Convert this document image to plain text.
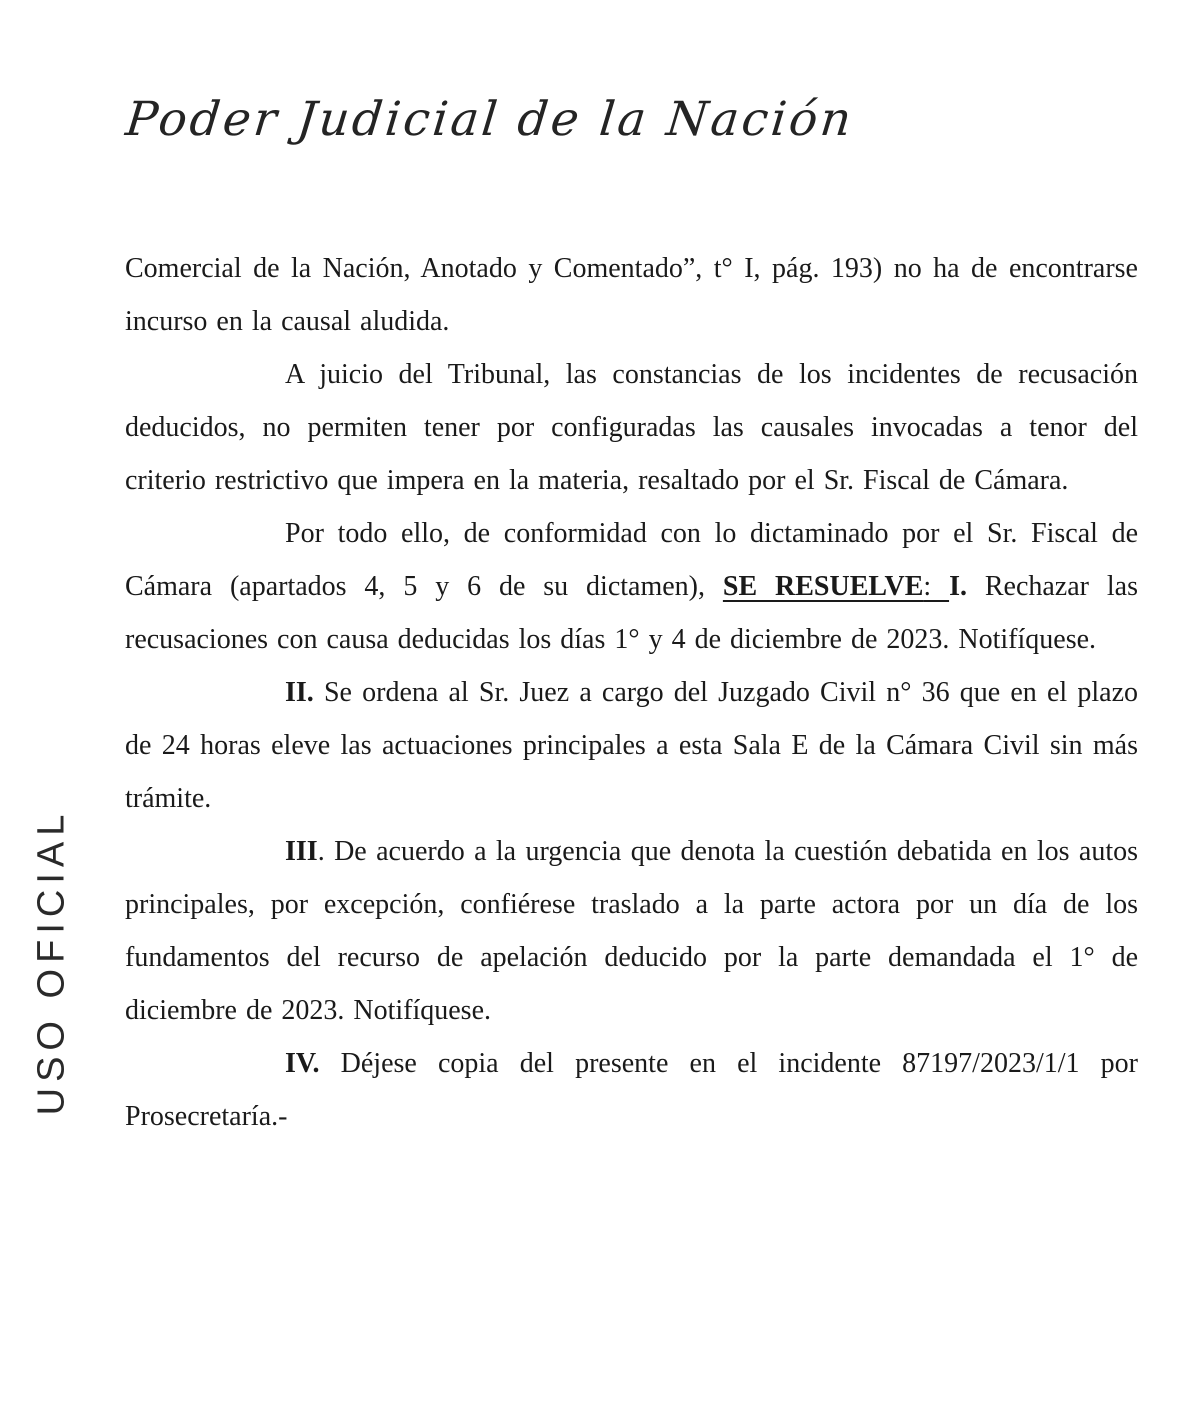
Poder Judicial de la Nación
USO OFICIAL

Comercial de la Nación, Anotado y Comentado”, t° I, pág. 193) no ha de encontrarse incurso en la causal aludida.

A juicio del Tribunal, las constancias de los incidentes de recusación deducidos, no permiten tener por configuradas las causales invocadas a tenor del criterio restrictivo que impera en la materia, resaltado por el Sr. Fiscal de Cámara.

Por todo ello, de conformidad con lo dictaminado por el Sr. Fiscal de Cámara (apartados 4, 5 y 6 de su dictamen), SE RESUELVE: I. Rechazar las recusaciones con causa deducidas los días 1° y 4 de diciembre de 2023. Notifíquese.

II. Se ordena al Sr. Juez a cargo del Juzgado Civil n° 36 que en el plazo de 24 horas eleve las actuaciones principales a esta Sala E de la Cámara Civil sin más trámite.

III. De acuerdo a la urgencia que denota la cuestión debatida en los autos principales, por excepción, confiérese traslado a la parte actora por un día de los fundamentos del recurso de apelación deducido por la parte demandada el 1° de diciembre de 2023. Notifíquese.

IV. Déjese copia del presente en el incidente 87197/2023/1/1 por Prosecretaría.-
